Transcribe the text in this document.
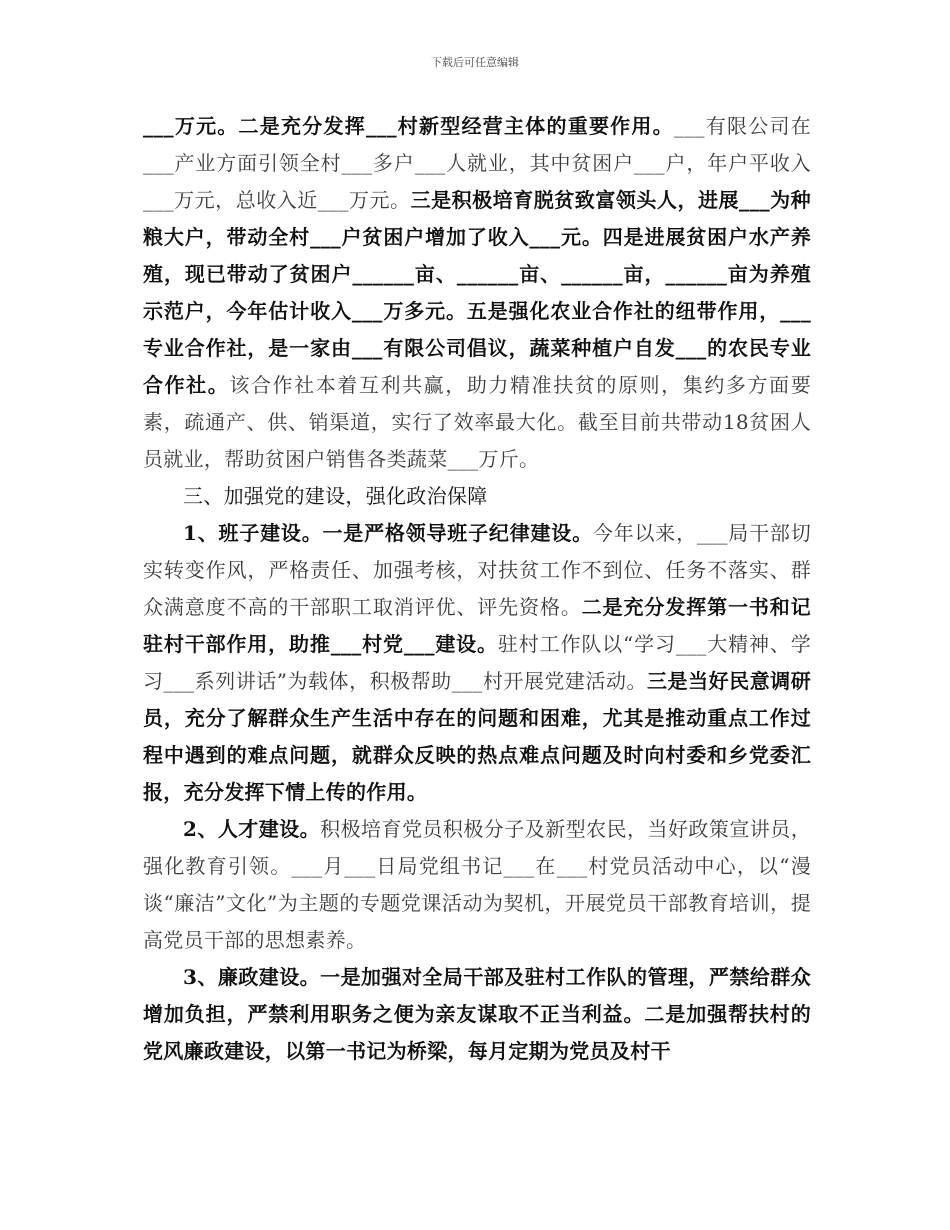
下载后可任意编辑

___万元。二是充分发挥___村新型经营主体的重要作用。___有限公司在___产业方面引领全村___多户___人就业，其中贫困户___户，年户平收入___万元，总收入近___万元。三是积极培育脱贫致富领头人，进展___为种粮大户，带动全村___户贫困户增加了收入___元。四是进展贫困户水产养殖，现已带动了贫困户______亩、______亩、______亩，______亩为养殖示范户，今年估计收入___万多元。五是强化农业合作社的纽带作用，___专业合作社，是一家由___有限公司倡议，蔬菜种植户自发___的农民专业合作社。该合作社本着互利共赢，助力精准扶贫的原则，集约多方面要素，疏通产、供、销渠道，实行了效率最大化。截至目前共带动18贫困人员就业，帮助贫困户销售各类蔬菜___万斤。

三、加强党的建设，强化政治保障

1、班子建设。一是严格领导班子纪律建设。今年以来，___局干部切实转变作风，严格责任、加强考核，对扶贫工作不到位、任务不落实、群众满意度不高的干部职工取消评优、评先资格。二是充分发挥第一书和记驻村干部作用，助推___村党___建设。驻村工作队以“学习___大精神、学习___系列讲话”为载体，积极帮助___村开展党建活动。三是当好民意调研员，充分了解群众生产生活中存在的问题和困难，尤其是推动重点工作过程中遇到的难点问题，就群众反映的热点难点问题及时向村委和乡党委汇报，充分发挥下情上传的作用。

2、人才建设。积极培育党员积极分子及新型农民，当好政策宣讲员，强化教育引领。___月___日局党组书记___在___村党员活动中心，以“漫谈“廉洁”文化”为主题的专题党课活动为契机，开展党员干部教育培训，提高党员干部的思想素养。

3、廉政建设。一是加强对全局干部及驻村工作队的管理，严禁给群众增加负担，严禁利用职务之便为亲友谋取不正当利益。二是加强帮扶村的党风廉政建设，以第一书记为桥梁，每月定期为党员及村干
